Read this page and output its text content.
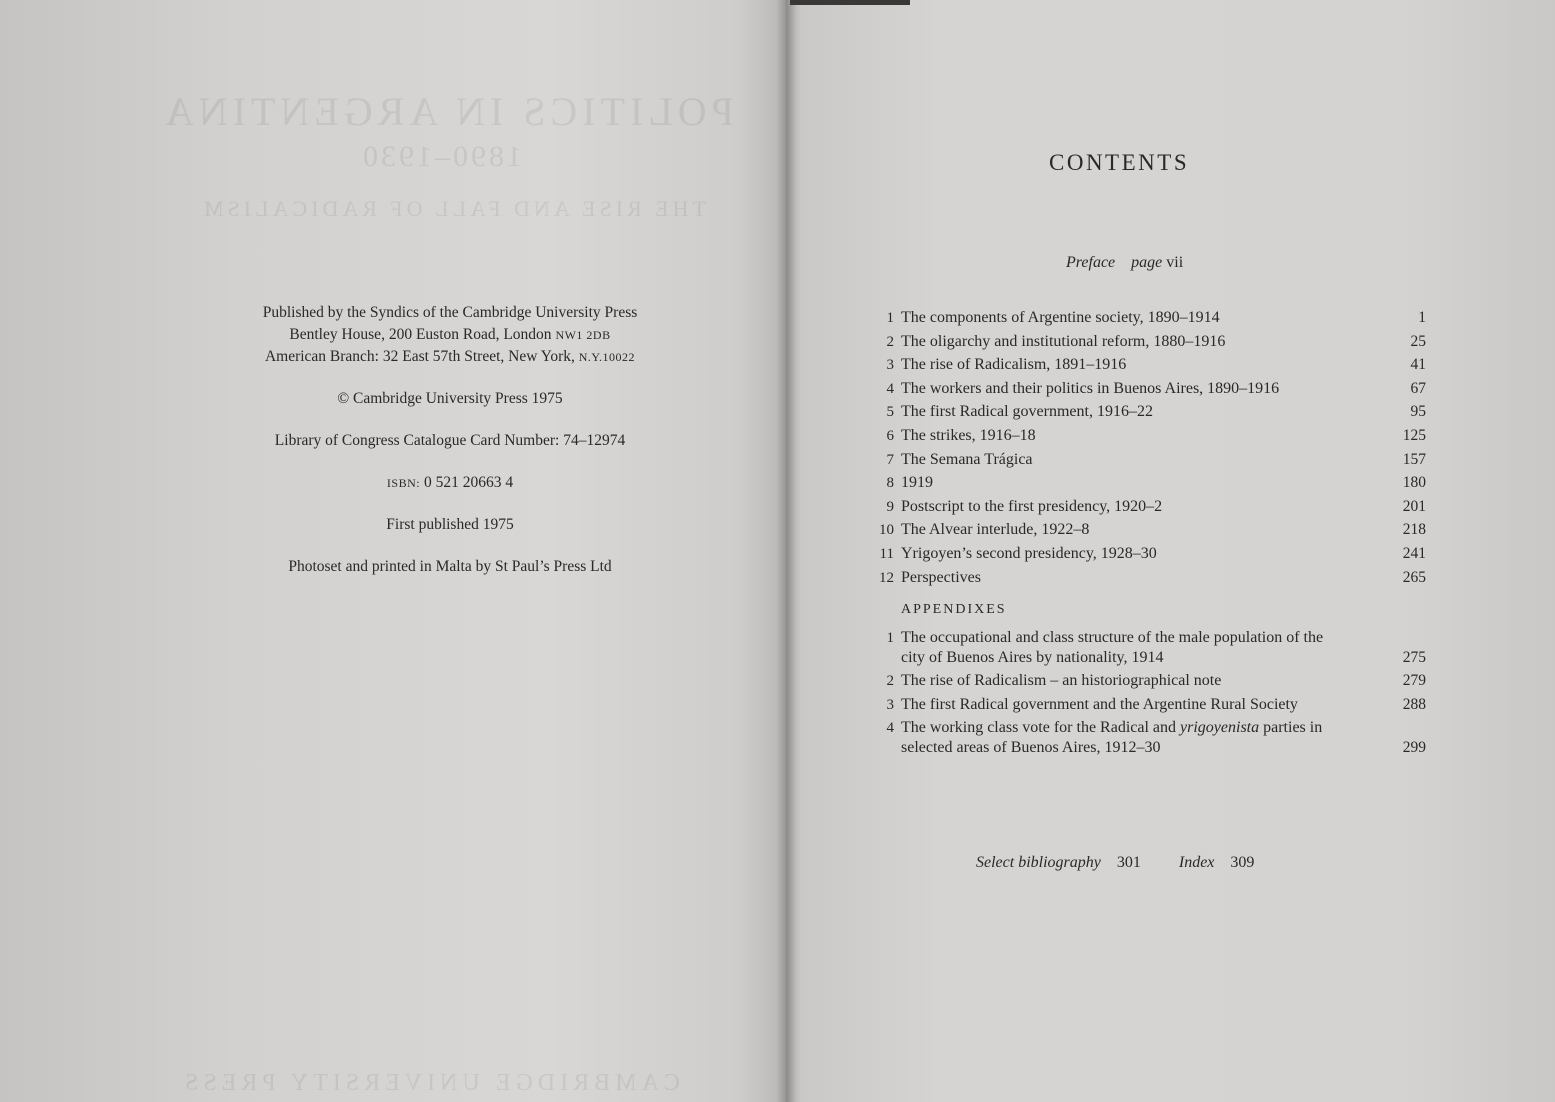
POLITICS IN ARGENTINA
1890–1930
THE RISE AND FALL OF RADICALISM
CAMBRIDGE UNIVERSITY PRESS

Published by the Syndics of the Cambridge University Press

Bentley House, 200 Euston Road, London NW1 2DB

American Branch: 32 East 57th Street, New York, N.Y.10022

© Cambridge University Press 1975

Library of Congress Catalogue Card Number: 74–12974

ISBN: 0 521 20663 4

First published 1975

Photoset and printed in Malta by St Paul’s Press Ltd

CONTENTS
Preface page vii
1 The components of Argentine society, 1890–1914	1
2 The oligarchy and institutional reform, 1880–1916	25
3 The rise of Radicalism, 1891–1916	41
4 The workers and their politics in Buenos Aires, 1890–1916	67
5 The first Radical government, 1916–22	95
6 The strikes, 1916–18	125
7 The Semana Trágica	157
8 1919	180
9 Postscript to the first presidency, 1920–2	201
10 The Alvear interlude, 1922–8	218
11 Yrigoyen’s second presidency, 1928–30	241
12 Perspectives	265
APPENDIXES
1 The occupational and class structure of the male population of the city of Buenos Aires by nationality, 1914	275
2 The rise of Radicalism – an historiographical note	279
3 The first Radical government and the Argentine Rural Society	288
4 The working class vote for the Radical and yrigoyenista parties in selected areas of Buenos Aires, 1912–30	299
Select bibliography 301 Index 309
